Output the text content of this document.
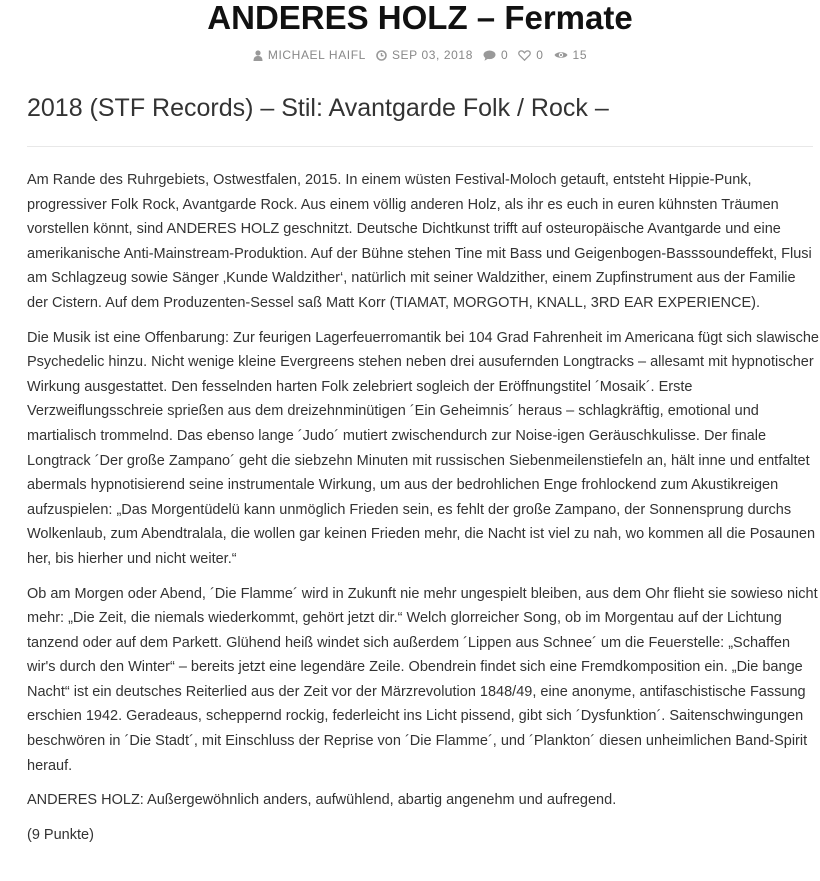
ANDERES HOLZ – Fermate
MICHAEL HAIFL SEP 03, 2018 0 0 15
2018 (STF Records) – Stil: Avantgarde Folk / Rock –

Am Rande des Ruhrgebiets, Ostwestfalen, 2015. In einem wüsten Festival-Moloch getauft, entsteht Hippie-Punk, progressiver Folk Rock, Avantgarde Rock. Aus einem völlig anderen Holz, als ihr es euch in euren kühnsten Träumen vorstellen könnt, sind ANDERES HOLZ geschnitzt. Deutsche Dichtkunst trifft auf osteuropäische Avantgarde und eine amerikanische Anti-Mainstream-Produktion. Auf der Bühne stehen Tine mit Bass und Geigenbogen-Basssoundeffekt, Flusi am Schlagzeug sowie Sänger ‚Kunde Waldzither‘, natürlich mit seiner Waldzither, einem Zupfinstrument aus der Familie der Cistern. Auf dem Produzenten-Sessel saß Matt Korr (TIAMAT, MORGOTH, KNALL, 3RD EAR EXPERIENCE).

Die Musik ist eine Offenbarung: Zur feurigen Lagerfeuerromantik bei 104 Grad Fahrenheit im Americana fügt sich slawische Psychedelic hinzu. Nicht wenige kleine Evergreens stehen neben drei ausufernden Longtracks – allesamt mit hypnotischer Wirkung ausgestattet. Den fesselnden harten Folk zelebriert sogleich der Eröffnungstitel ´Mosaik´. Erste Verzweiflungsschreie sprießen aus dem dreizehnminütigen ´Ein Geheimnis´ heraus – schlagkräftig, emotional und martialisch trommelnd. Das ebenso lange ´Judo´ mutiert zwischendurch zur Noise-igen Geräuschkulisse. Der finale Longtrack ´Der große Zampano´ geht die siebzehn Minuten mit russischen Siebenmeilenstiefeln an, hält inne und entfaltet abermals hypnotisierend seine instrumentale Wirkung, um aus der bedrohlichen Enge frohlockend zum Akustikreigen aufzuspielen: „Das Morgentüdelü kann unmöglich Frieden sein, es fehlt der große Zampano, der Sonnensprung durchs Wolkenlaub, zum Abendtralala, die wollen gar keinen Frieden mehr, die Nacht ist viel zu nah, wo kommen all die Posaunen her, bis hierher und nicht weiter.“

Ob am Morgen oder Abend, ´Die Flamme´ wird in Zukunft nie mehr ungespielt bleiben, aus dem Ohr flieht sie sowieso nicht mehr: „Die Zeit, die niemals wiederkommt, gehört jetzt dir.“ Welch glorreicher Song, ob im Morgentau auf der Lichtung tanzend oder auf dem Parkett. Glühend heiß windet sich außerdem ´Lippen aus Schnee´ um die Feuerstelle: „Schaffen wir's durch den Winter“ – bereits jetzt eine legendäre Zeile. Obendrein findet sich eine Fremdkomposition ein. „Die bange Nacht“ ist ein deutsches Reiterlied aus der Zeit vor der Märzrevolution 1848/49, eine anonyme, antifaschistische Fassung erschien 1942. Geradeaus, scheppernd rockig, federleicht ins Licht pissend, gibt sich ´Dysfunktion´. Saitenschwingungen beschwören in ´Die Stadt´, mit Einschluss der Reprise von ´Die Flamme´, und ´Plankton´ diesen unheimlichen Band-Spirit herauf.

ANDERES HOLZ: Außergewöhnlich anders, aufwühlend, abartig angenehm und aufregend.

(9 Punkte)
